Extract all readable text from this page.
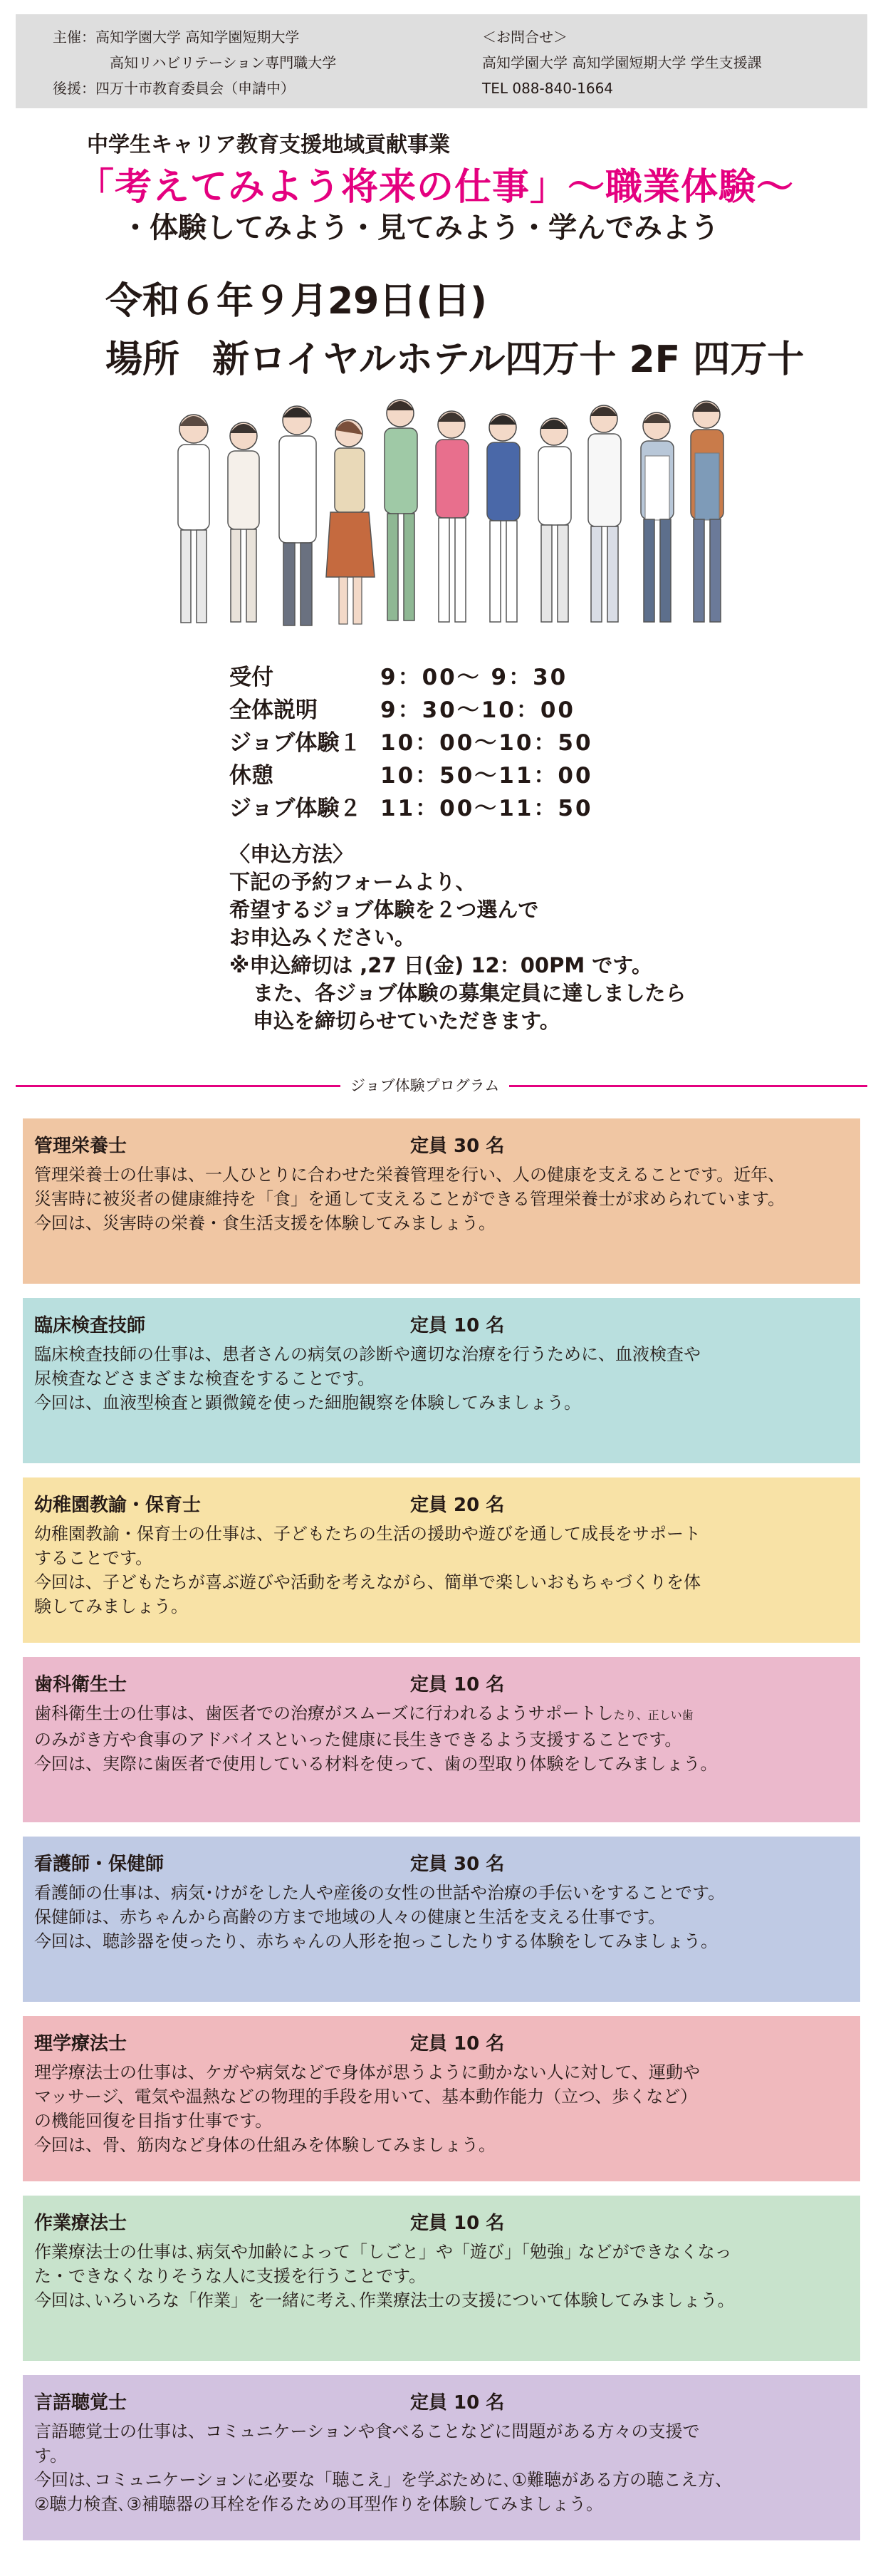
主催：高知学園大学 高知学園短期大学
高知リハビリテーション専門職大学
後援：四万十市教育委員会（申請中）
＜お問合せ＞
高知学園大学 高知学園短期大学 学生支援課
TEL 088-840-1664
中学生キャリア教育支援地域貢献事業
「考えてみよう将来の仕事」～職業体験～
・体験してみよう・見てみよう・学んでみよう
令和６年９月29日(日)
場所 新ロイヤルホテル四万十 2F 四万十
受付	9：00～ 9：30
全体説明	9：30～10：00
ジョブ体験１ 10：00～10：50
休憩	10：50～11：00
ジョブ体験２ 11：00～11：50
〈申込方法〉
下記の予約フォームより、
希望するジョブ体験を２つ選んで
お申込みください。
※申込締切は ,27 日(金) 12：00PM です。
また、各ジョブ体験の募集定員に達しましたら
申込を締切らせていただきます。
ジョブ体験プログラム
管理栄養士	定員 30 名

管理栄養士の仕事は、一人ひとりに合わせた栄養管理を行い、人の健康を支えることです。近年、

災害時に被災者の健康維持を「食」を通して支えることができる管理栄養士が求められています。

今回は、災害時の栄養・食生活支援を体験してみましょう。

臨床検査技師	定員 10 名

臨床検査技師の仕事は、患者さんの病気の診断や適切な治療を行うために、血液検査や

尿検査などさまざまな検査をすることです。

今回は、血液型検査と顕微鏡を使った細胞観察を体験してみましょう。

幼稚園教諭・保育士	定員 20 名

幼稚園教諭・保育士の仕事は、子どもたちの生活の援助や遊びを通して成長をサポート

することです。

今回は、子どもたちが喜ぶ遊びや活動を考えながら、簡単で楽しいおもちゃづくりを体

験してみましょう。

歯科衛生士	定員 10 名

歯科衛生士の仕事は、歯医者での治療がスムーズに行われるようサポートしたり、正しい歯

のみがき方や食事のアドバイスといった健康に長生きできるよう支援することです。

今回は、実際に歯医者で使用している材料を使って、歯の型取り体験をしてみましょう。

看護師・保健師	定員 30 名

看護師の仕事は、病気･けがをした人や産後の女性の世話や治療の手伝いをすることです。

保健師は、赤ちゃんから高齢の方まで地域の人々の健康と生活を支える仕事です。

今回は、聴診器を使ったり、赤ちゃんの人形を抱っこしたりする体験をしてみましょう。

理学療法士	定員 10 名

理学療法士の仕事は、ケガや病気などで身体が思うように動かない人に対して、運動や

マッサージ、電気や温熱などの物理的手段を用いて、基本動作能力（立つ、歩くなど）

の機能回復を目指す仕事です。

今回は、骨、筋肉など身体の仕組みを体験してみましょう。

作業療法士	定員 10 名

作業療法士の仕事は､病気や加齢によって「しごと」や「遊び」｢勉強｣ などができなくなっ

た・できなくなりそうな人に支援を行うことです。

今回は､いろいろな「作業」を一緒に考え､作業療法士の支援について体験してみましょう。

言語聴覚士	定員 10 名

言語聴覚士の仕事は、コミュニケーションや食べることなどに問題がある方々の支援で

す。

今回は､コミュニケーションに必要な「聴こえ」を学ぶために､①難聴がある方の聴こえ方、

②聴力検査､③補聴器の耳栓を作るための耳型作りを体験してみましょう。
